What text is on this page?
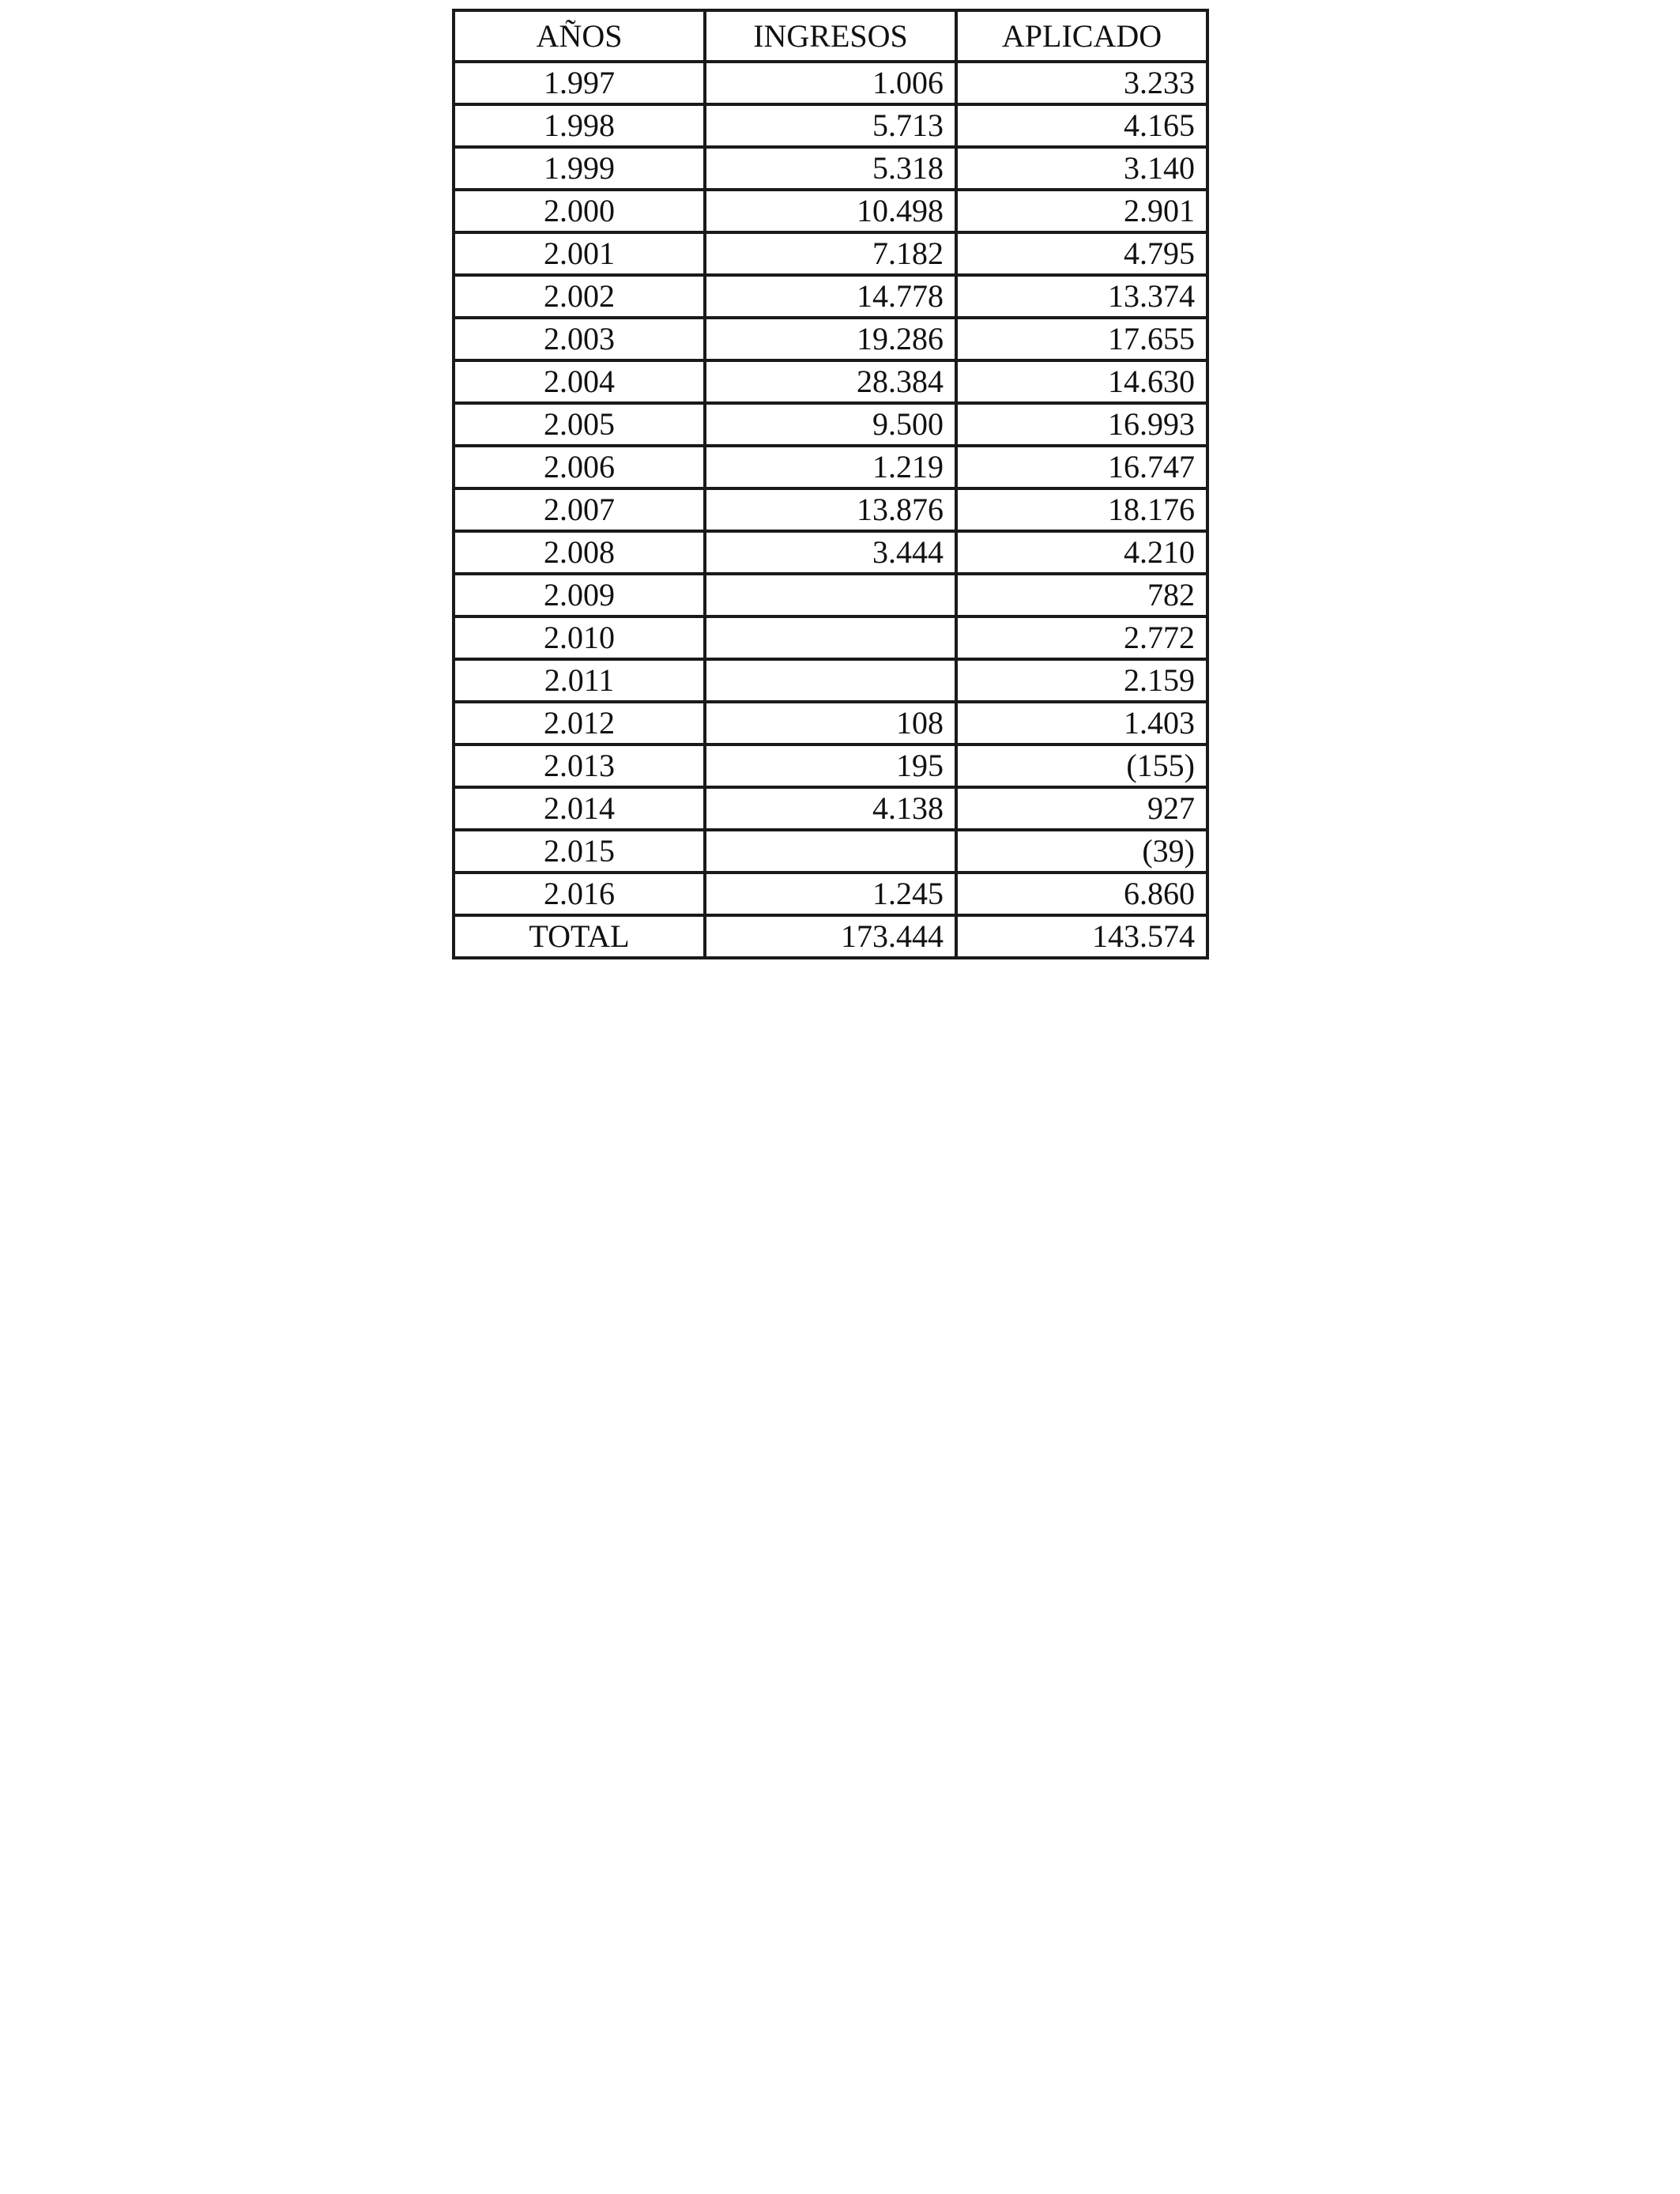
AÑOS	INGRESOS	APLICADO
1.997	1.006	3.233
1.998	5.713	4.165
1.999	5.318	3.140
2.000	10.498	2.901
2.001	7.182	4.795
2.002	14.778	13.374
2.003	19.286	17.655
2.004	28.384	14.630
2.005	9.500	16.993
2.006	1.219	16.747
2.007	13.876	18.176
2.008	3.444	4.210
2.009		782
2.010		2.772
2.011		2.159
2.012	108	1.403
2.013	195	(155)
2.014	4.138	927
2.015		(39)
2.016	1.245	6.860
TOTAL	173.444	143.574
